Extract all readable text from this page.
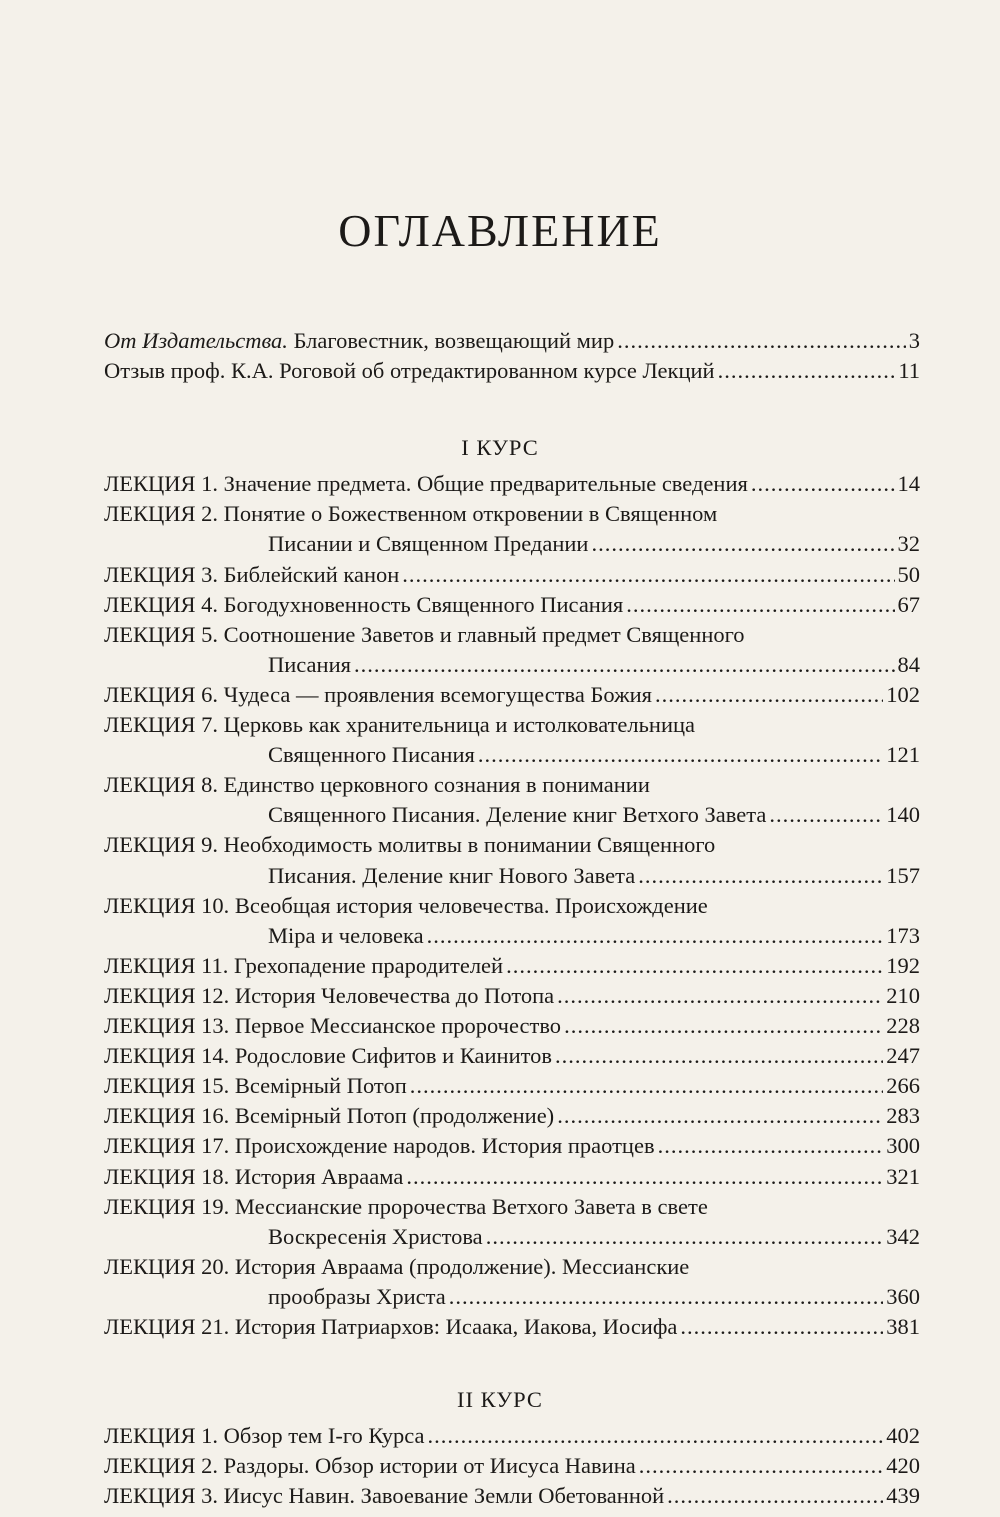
ОГЛАВЛЕНИЕ
От Издательства. Благовестник, возвещающий мир .....	3
Отзыв проф. К.А. Роговой об отредактированном курсе Лекций .....	11
I КУРС
ЛЕКЦИЯ 1. Значение предмета. Общие предварительные сведения .....	14
ЛЕКЦИЯ 2. Понятие о Божественном откровении в Священном
Писании и Священном Предании .....	32
ЛЕКЦИЯ 3. Библейский канон .....	50
ЛЕКЦИЯ 4. Богодухновенность Священного Писания .....	67
ЛЕКЦИЯ 5. Соотношение Заветов и главный предмет Священного
Писания .....	84
ЛЕКЦИЯ 6. Чудеса — проявления всемогущества Божия .....	102
ЛЕКЦИЯ 7. Церковь как хранительница и истолковательница
Священного Писания .....	121
ЛЕКЦИЯ 8. Единство церковного сознания в понимании
Священного Писания. Деление книг Ветхого Завета .....	140
ЛЕКЦИЯ 9. Необходимость молитвы в понимании Священного
Писания. Деление книг Нового Завета .....	157
ЛЕКЦИЯ 10. Всеобщая история человечества. Происхождение
Міра и человека .....	173
ЛЕКЦИЯ 11. Грехопадение прародителей .....	192
ЛЕКЦИЯ 12. История Человечества до Потопа .....	210
ЛЕКЦИЯ 13. Первое Мессианское пророчество .....	228
ЛЕКЦИЯ 14. Родословие Сифитов и Каинитов .....	247
ЛЕКЦИЯ 15. Всемірный Потоп .....	266
ЛЕКЦИЯ 16. Всемірный Потоп (продолжение) .....	283
ЛЕКЦИЯ 17. Происхождение народов. История праотцев .....	300
ЛЕКЦИЯ 18. История Авраама .....	321
ЛЕКЦИЯ 19. Мессианские пророчества Ветхого Завета в свете
Воскресенія Христова .....	342
ЛЕКЦИЯ 20. История Авраама (продолжение). Мессианские
прообразы Христа .....	360
ЛЕКЦИЯ 21. История Патриархов: Исаака, Иакова, Иосифа .....	381
II КУРС
ЛЕКЦИЯ 1. Обзор тем I-го Курса .....	402
ЛЕКЦИЯ 2. Раздоры. Обзор истории от Иисуса Навина .....	420
ЛЕКЦИЯ 3. Иисус Навин. Завоевание Земли Обетованной .....	439
